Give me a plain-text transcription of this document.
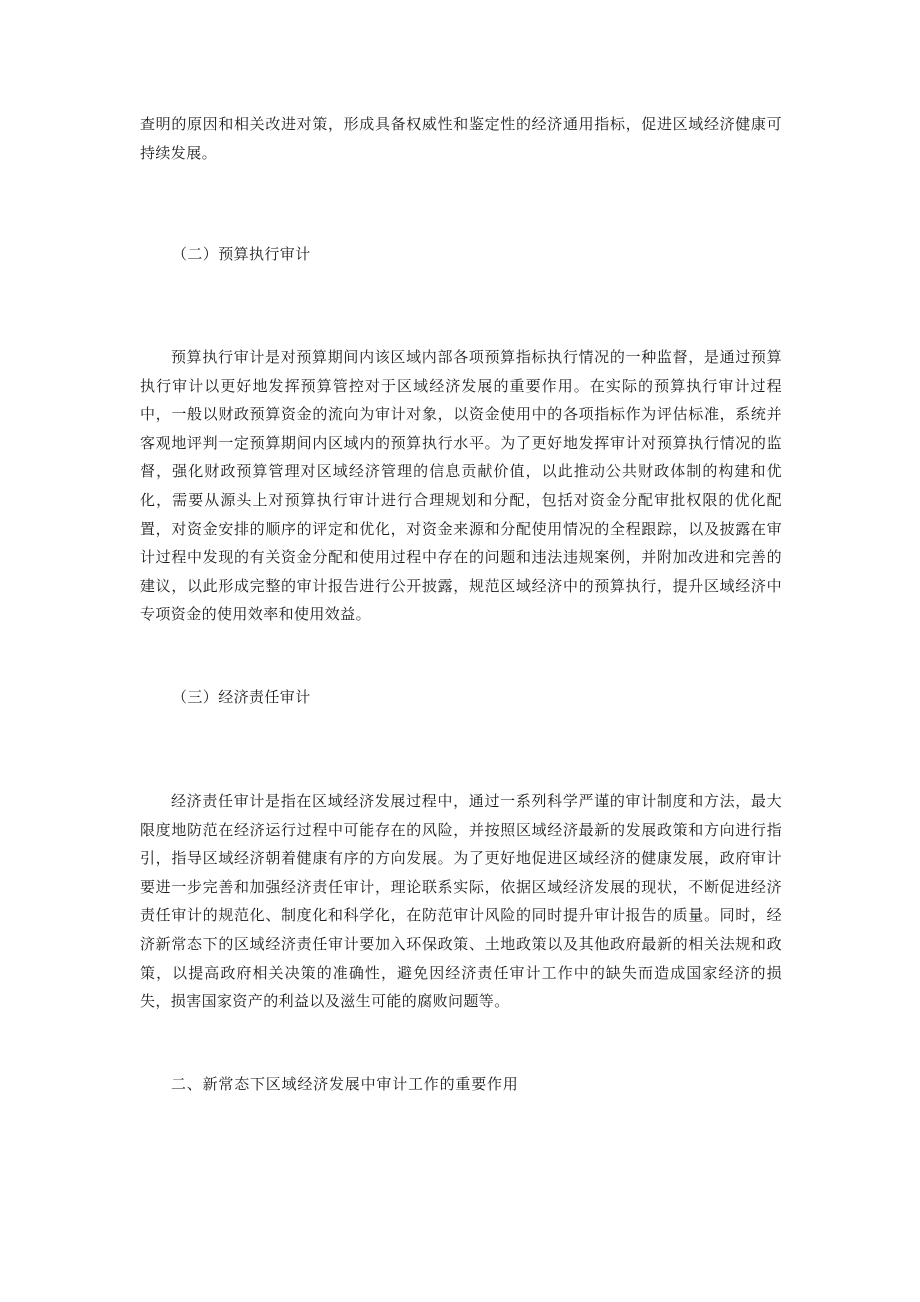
查明的原因和相关改进对策，形成具备权威性和鉴定性的经济通用指标，促进区域经济健康可持续发展。

（二）预算执行审计

预算执行审计是对预算期间内该区域内部各项预算指标执行情况的一种监督，是通过预算执行审计以更好地发挥预算管控对于区域经济发展的重要作用。在实际的预算执行审计过程中，一般以财政预算资金的流向为审计对象，以资金使用中的各项指标作为评估标准，系统并客观地评判一定预算期间内区域内的预算执行水平。为了更好地发挥审计对预算执行情况的监督，强化财政预算管理对区域经济管理的信息贡献价值，以此推动公共财政体制的构建和优化，需要从源头上对预算执行审计进行合理规划和分配，包括对资金分配审批权限的优化配置，对资金安排的顺序的评定和优化，对资金来源和分配使用情况的全程跟踪，以及披露在审计过程中发现的有关资金分配和使用过程中存在的问题和违法违规案例，并附加改进和完善的建议，以此形成完整的审计报告进行公开披露，规范区域经济中的预算执行，提升区域经济中专项资金的使用效率和使用效益。

（三）经济责任审计

经济责任审计是指在区域经济发展过程中，通过一系列科学严谨的审计制度和方法，最大限度地防范在经济运行过程中可能存在的风险，并按照区域经济最新的发展政策和方向进行指引，指导区域经济朝着健康有序的方向发展。为了更好地促进区域经济的健康发展，政府审计要进一步完善和加强经济责任审计，理论联系实际，依据区域经济发展的现状，不断促进经济责任审计的规范化、制度化和科学化，在防范审计风险的同时提升审计报告的质量。同时，经济新常态下的区域经济责任审计要加入环保政策、土地政策以及其他政府最新的相关法规和政策，以提高政府相关决策的准确性，避免因经济责任审计工作中的缺失而造成国家经济的损失，损害国家资产的利益以及滋生可能的腐败问题等。

二、新常态下区域经济发展中审计工作的重要作用
